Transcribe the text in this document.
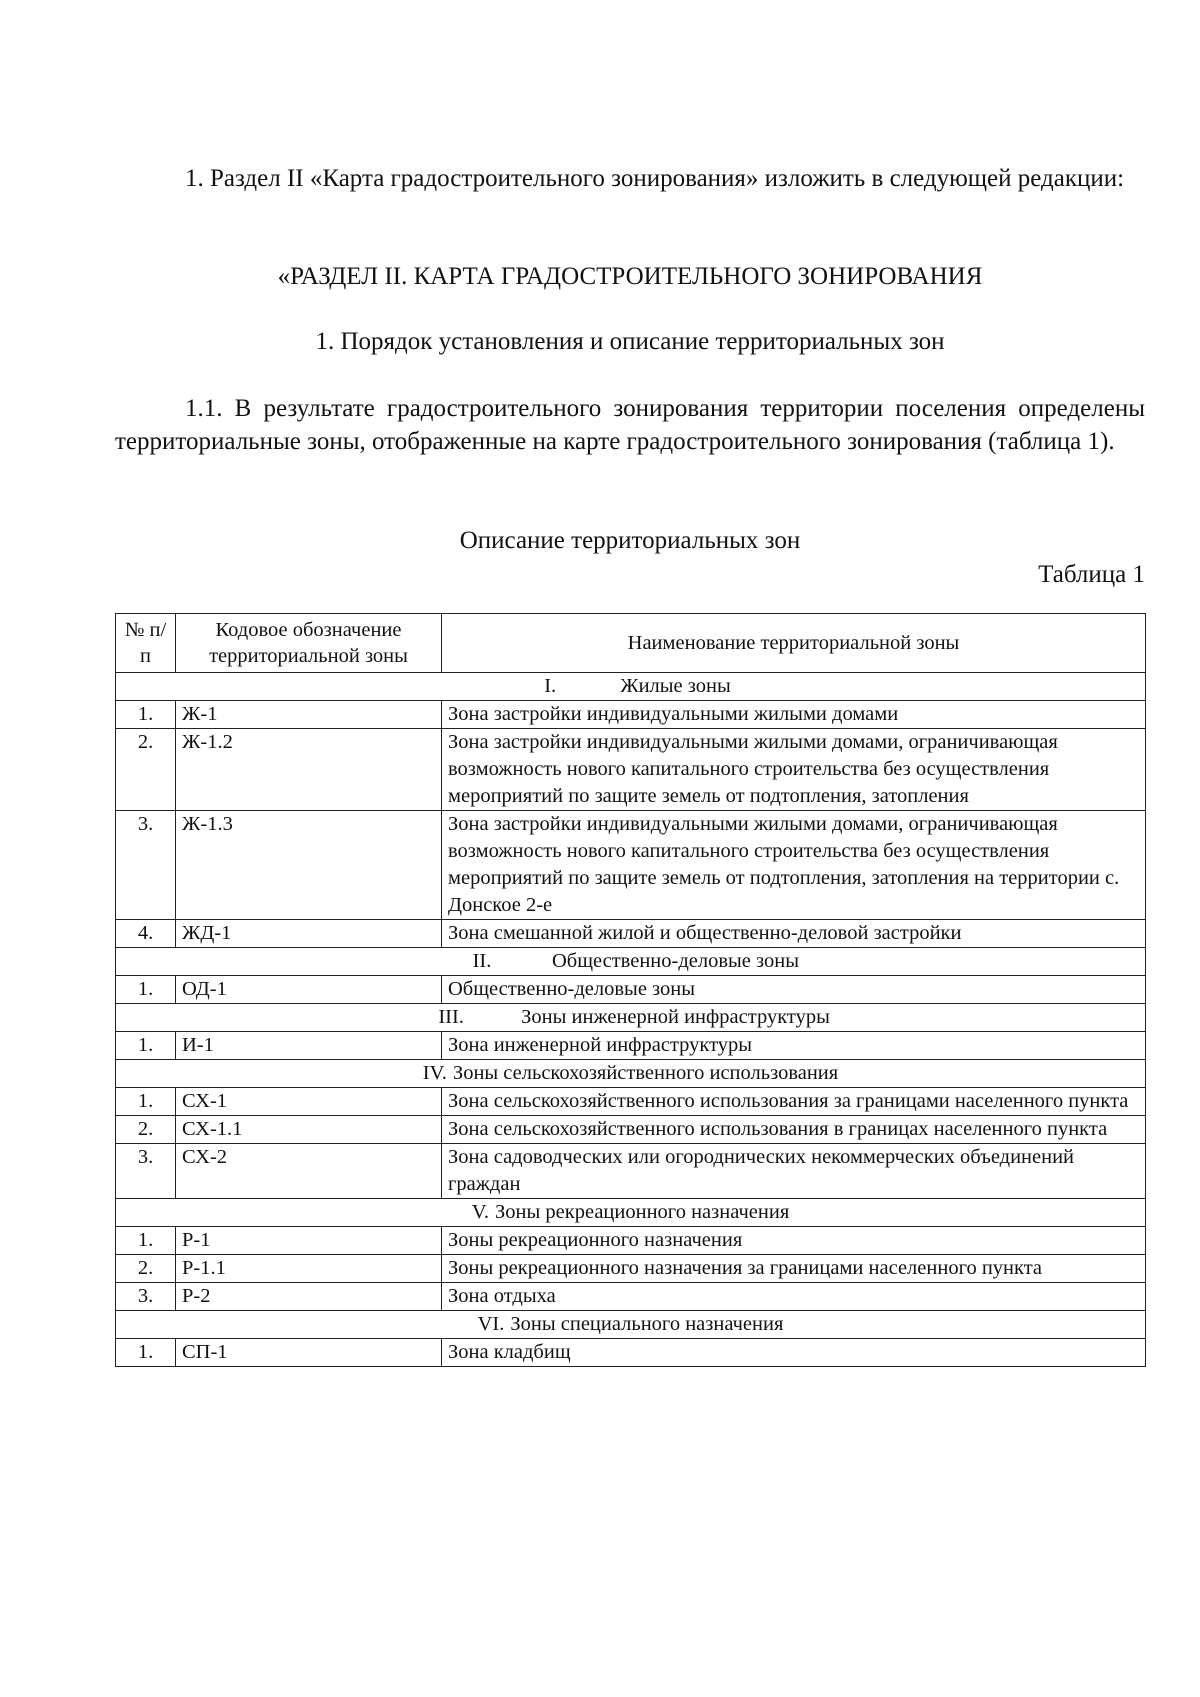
1. Раздел II «Карта градостроительного зонирования» изложить в следующей редакции:

«РАЗДЕЛ II. КАРТА ГРАДОСТРОИТЕЛЬНОГО ЗОНИРОВАНИЯ

1. Порядок установления и описание территориальных зон

1.1. В результате градостроительного зонирования территории поселения определены территориальные зоны, отображенные на карте градостроительного зонирования (таблица 1).

Описание территориальных зон

Таблица 1

№ п/п	Кодовое обозначение территориальной зоны	Наименование территориальной зоны
I. Жилые зоны		
1.	Ж-1	Зона застройки индивидуальными жилыми домами
2.	Ж-1.2	Зона застройки индивидуальными жилыми домами, ограничивающая возможность нового капитального строительства без осуществления мероприятий по защите земель от подтопления, затопления
3.	Ж-1.3	Зона застройки индивидуальными жилыми домами, ограничивающая возможность нового капитального строительства без осуществления мероприятий по защите земель от подтопления, затопления на территории с. Донское 2-е
4.	ЖД-1	Зона смешанной жилой и общественно-деловой застройки
II. Общественно-деловые зоны		
1.	ОД-1	Общественно-деловые зоны
III. Зоны инженерной инфраструктуры		
1.	И-1	Зона инженерной инфраструктуры
IV. Зоны сельскохозяйственного использования		
1.	СХ-1	Зона сельскохозяйственного использования за границами населенного пункта
2.	СХ-1.1	Зона сельскохозяйственного использования в границах населенного пункта
3.	СХ-2	Зона садоводческих или огороднических некоммерческих объединений граждан
V. Зоны рекреационного назначения		
1.	Р-1	Зоны рекреационного назначения
2.	Р-1.1	Зоны рекреационного назначения за границами населенного пункта
3.	Р-2	Зона отдыха
VI. Зоны специального назначения		
1.	СП-1	Зона кладбищ
